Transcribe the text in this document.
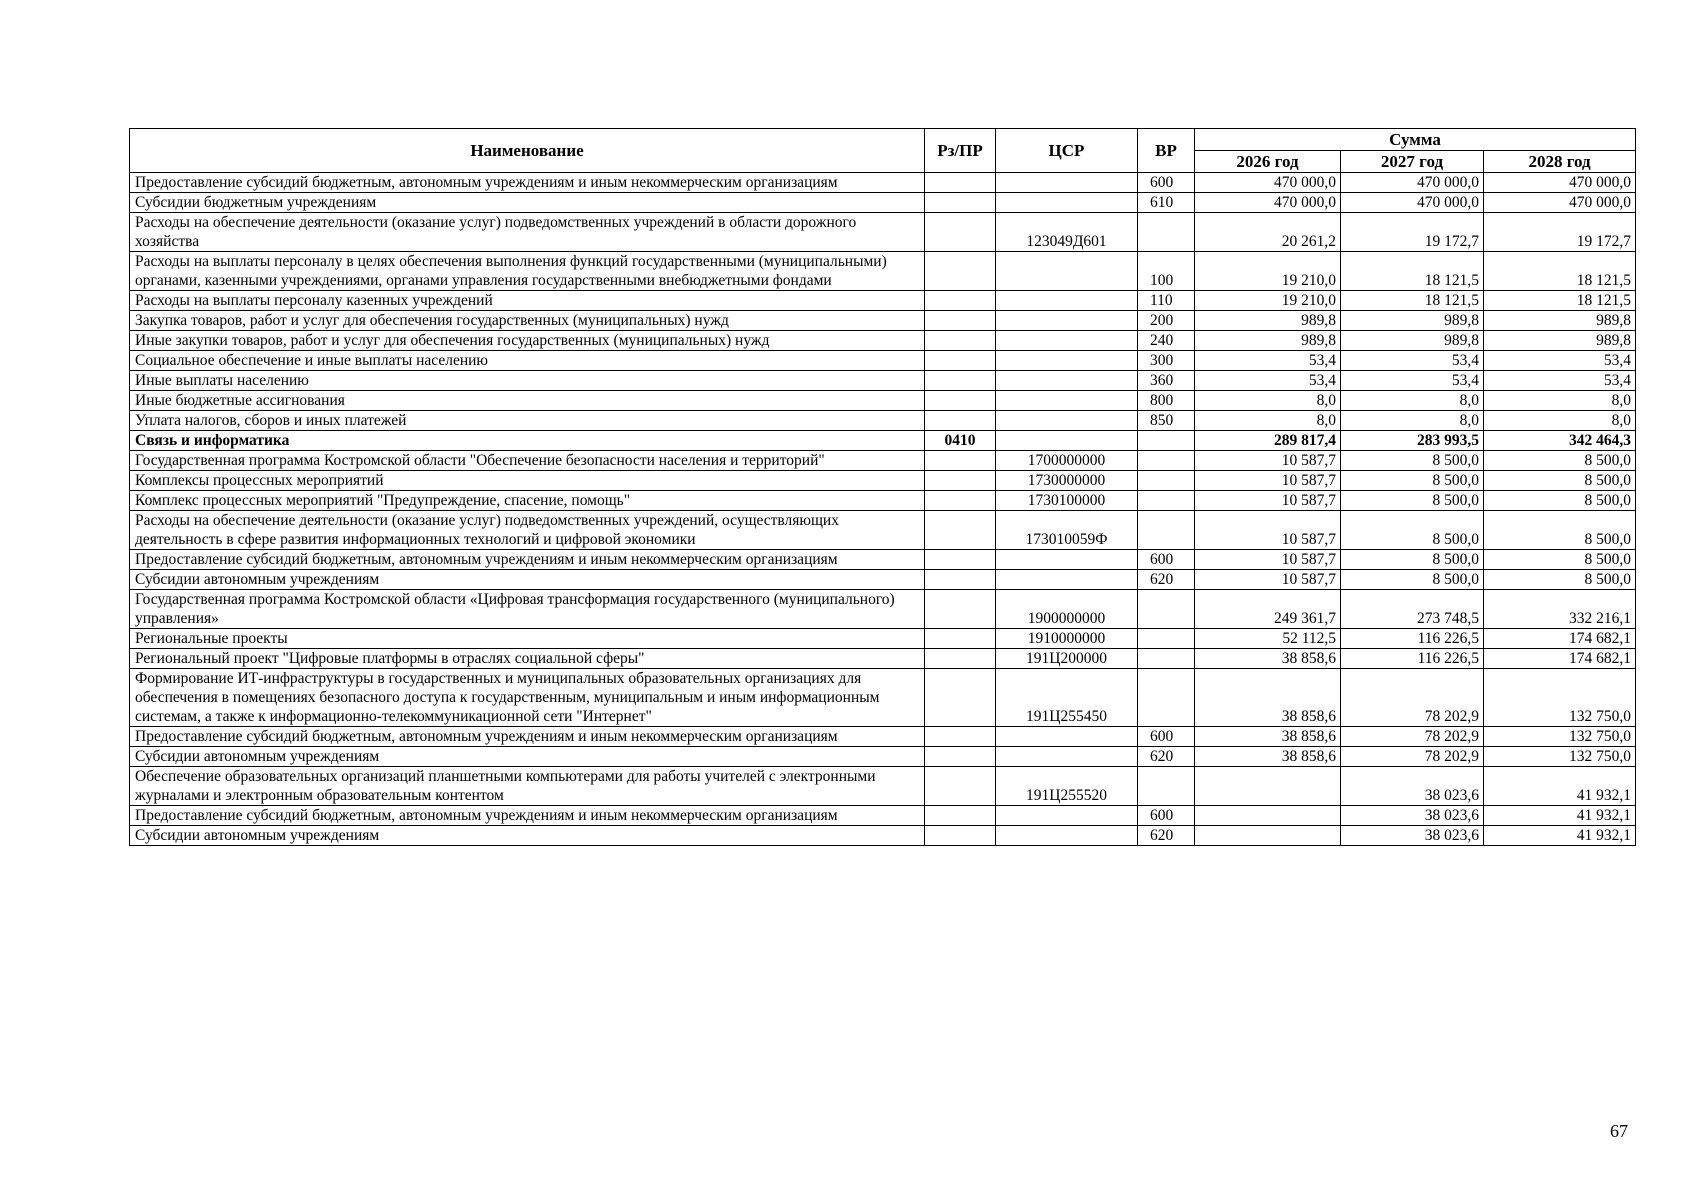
Наименование	Рз/ПР	ЦСР	ВР	Сумма		
				2026 год	2027 год	2028 год
Предоставление субсидий бюджетным, автономным учреждениям и иным некоммерческим организациям			600	470 000,0	470 000,0	470 000,0
Субсидии бюджетным учреждениям			610	470 000,0	470 000,0	470 000,0
Расходы на обеспечение деятельности (оказание услуг) подведомственных учреждений в области дорожного хозяйства		123049Д601		20 261,2	19 172,7	19 172,7
Расходы на выплаты персоналу в целях обеспечения выполнения функций государственными (муниципальными) органами, казенными учреждениями, органами управления государственными внебюджетными фондами			100	19 210,0	18 121,5	18 121,5
Расходы на выплаты персоналу казенных учреждений			110	19 210,0	18 121,5	18 121,5
Закупка товаров, работ и услуг для обеспечения государственных (муниципальных) нужд			200	989,8	989,8	989,8
Иные закупки товаров, работ и услуг для обеспечения государственных (муниципальных) нужд			240	989,8	989,8	989,8
Социальное обеспечение и иные выплаты населению			300	53,4	53,4	53,4
Иные выплаты населению			360	53,4	53,4	53,4
Иные бюджетные ассигнования			800	8,0	8,0	8,0
Уплата налогов, сборов и иных платежей			850	8,0	8,0	8,0
Связь и информатика	0410			289 817,4	283 993,5	342 464,3
Государственная программа Костромской области "Обеспечение безопасности населения и территорий"		1700000000		10 587,7	8 500,0	8 500,0
Комплексы процессных мероприятий		1730000000		10 587,7	8 500,0	8 500,0
Комплекс процессных мероприятий "Предупреждение, спасение, помощь"		1730100000		10 587,7	8 500,0	8 500,0
Расходы на обеспечение деятельности (оказание услуг) подведомственных учреждений, осуществляющих деятельность в сфере развития информационных технологий и цифровой экономики		173010059Ф		10 587,7	8 500,0	8 500,0
Предоставление субсидий бюджетным, автономным учреждениям и иным некоммерческим организациям			600	10 587,7	8 500,0	8 500,0
Субсидии автономным учреждениям			620	10 587,7	8 500,0	8 500,0
Государственная программа Костромской области «Цифровая трансформация государственного (муниципального) управления»		1900000000		249 361,7	273 748,5	332 216,1
Региональные проекты		1910000000		52 112,5	116 226,5	174 682,1
Региональный проект "Цифровые платформы в отраслях социальной сферы"		191Ц200000		38 858,6	116 226,5	174 682,1
Формирование ИТ-инфраструктуры в государственных и муниципальных образовательных организациях для обеспечения в помещениях безопасного доступа к государственным, муниципальным и иным информационным системам, а также к информационно-телекоммуникационной сети "Интернет"		191Ц255450		38 858,6	78 202,9	132 750,0
Предоставление субсидий бюджетным, автономным учреждениям и иным некоммерческим организациям			600	38 858,6	78 202,9	132 750,0
Субсидии автономным учреждениям			620	38 858,6	78 202,9	132 750,0
Обеспечение образовательных организаций планшетными компьютерами для работы учителей с электронными журналами и электронным образовательным контентом		191Ц255520			38 023,6	41 932,1
Предоставление субсидий бюджетным, автономным учреждениям и иным некоммерческим организациям			600		38 023,6	41 932,1
Субсидии автономным учреждениям			620		38 023,6	41 932,1
67
